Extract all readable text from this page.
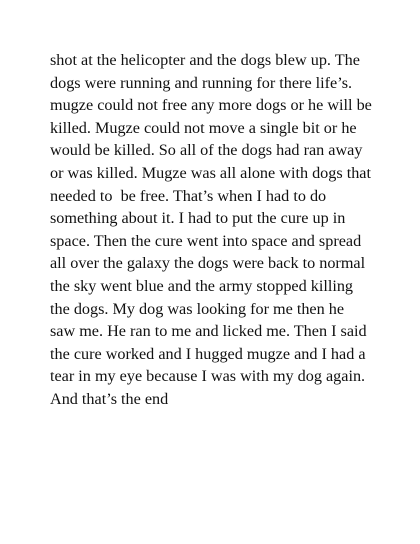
shot at the helicopter and the dogs blew up. The
dogs were running and running for there life’s.
mugze could not free any more dogs or he will be
killed. Mugze could not move a single bit or he
would be killed. So all of the dogs had ran away
or was killed. Mugze was all alone with dogs that
needed to  be free. That’s when I had to do
something about it. I had to put the cure up in
space. Then the cure went into space and spread
all over the galaxy the dogs were back to normal
the sky went blue and the army stopped killing
the dogs. My dog was looking for me then he
saw me. He ran to me and licked me. Then I said
the cure worked and I hugged mugze and I had a
tear in my eye because I was with my dog again.
And that’s the end
